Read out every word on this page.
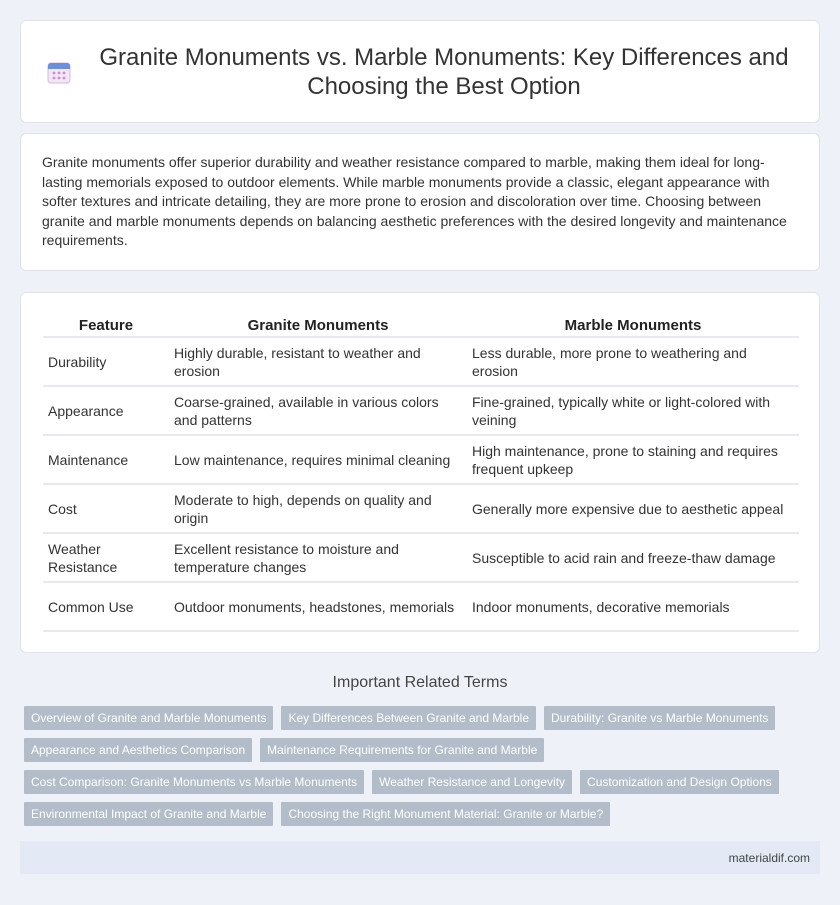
Granite Monuments vs. Marble Monuments: Key Differences and Choosing the Best Option

Granite monuments offer superior durability and weather resistance compared to marble, making them ideal for long-lasting memorials exposed to outdoor elements. While marble monuments provide a classic, elegant appearance with softer textures and intricate detailing, they are more prone to erosion and discoloration over time. Choosing between granite and marble monuments depends on balancing aesthetic preferences with the desired longevity and maintenance requirements.

Feature	Granite Monuments	Marble Monuments
Durability	Highly durable, resistant to weather and erosion	Less durable, more prone to weathering and erosion
Appearance	Coarse-grained, available in various colors and patterns	Fine-grained, typically white or light-colored with veining
Maintenance	Low maintenance, requires minimal cleaning	High maintenance, prone to staining and requires frequent upkeep
Cost	Moderate to high, depends on quality and origin	Generally more expensive due to aesthetic appeal
Weather Resistance	Excellent resistance to moisture and temperature changes	Susceptible to acid rain and freeze-thaw damage
Common Use	Outdoor monuments, headstones, memorials	Indoor monuments, decorative memorials
Important Related Terms
Overview of Granite and Marble Monuments	Key Differences Between Granite and Marble	Durability: Granite vs Marble Monuments
Appearance and Aesthetics Comparison	Maintenance Requirements for Granite and Marble
Cost Comparison: Granite Monuments vs Marble Monuments	Weather Resistance and Longevity	Customization and Design Options
Environmental Impact of Granite and Marble	Choosing the Right Monument Material: Granite or Marble?
materialdif.com
